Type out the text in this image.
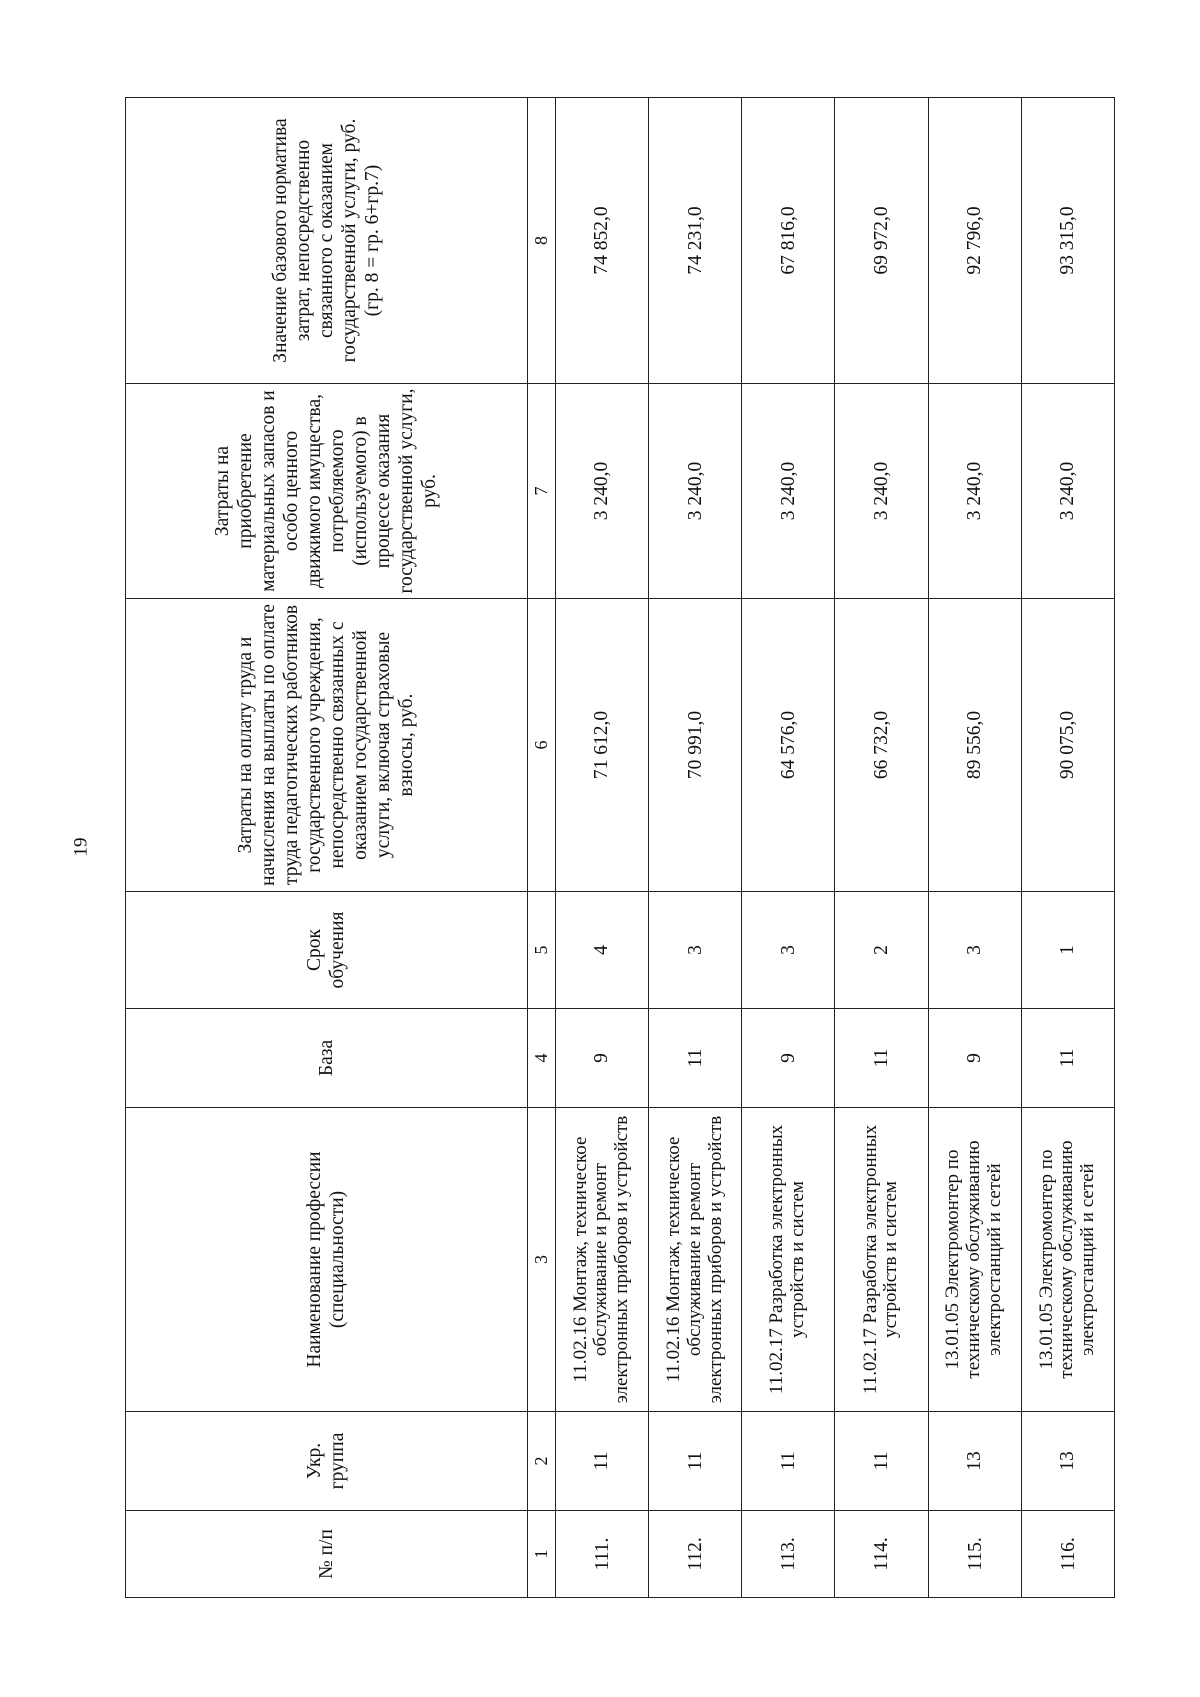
19
№ п/п	Укр. группа	Наименование профессии (специальности)	База	Срок обучения	Затраты на оплату труда и начисления на выплаты по оплате труда педагогических работников государственного учреждения, непосредственно связанных с оказанием государственной услуги, включая страховые взносы, руб.	Затраты на приобретение материальных запасов и особо ценного движимого имущества, потребляемого (используемого) в процессе оказания государственной услуги, руб.	Значение базового норматива затрат, непосредственно связанного с оказанием государственной услуги, руб. (гр. 8 = гр. 6+гр.7)
1	2	3	4	5	6	7	8
111.	11	11.02.16 Монтаж, техническое обслуживание и ремонт электронных приборов и устройств	9	4	71 612,0	3 240,0	74 852,0
112.	11	11.02.16 Монтаж, техническое обслуживание и ремонт электронных приборов и устройств	11	3	70 991,0	3 240,0	74 231,0
113.	11	11.02.17 Разработка электронных устройств и систем	9	3	64 576,0	3 240,0	67 816,0
114.	11	11.02.17 Разработка электронных устройств и систем	11	2	66 732,0	3 240,0	69 972,0
115.	13	13.01.05 Электромонтер по техническому обслуживанию электростанций и сетей	9	3	89 556,0	3 240,0	92 796,0
116.	13	13.01.05 Электромонтер по техническому обслуживанию электростанций и сетей	11	1	90 075,0	3 240,0	93 315,0
